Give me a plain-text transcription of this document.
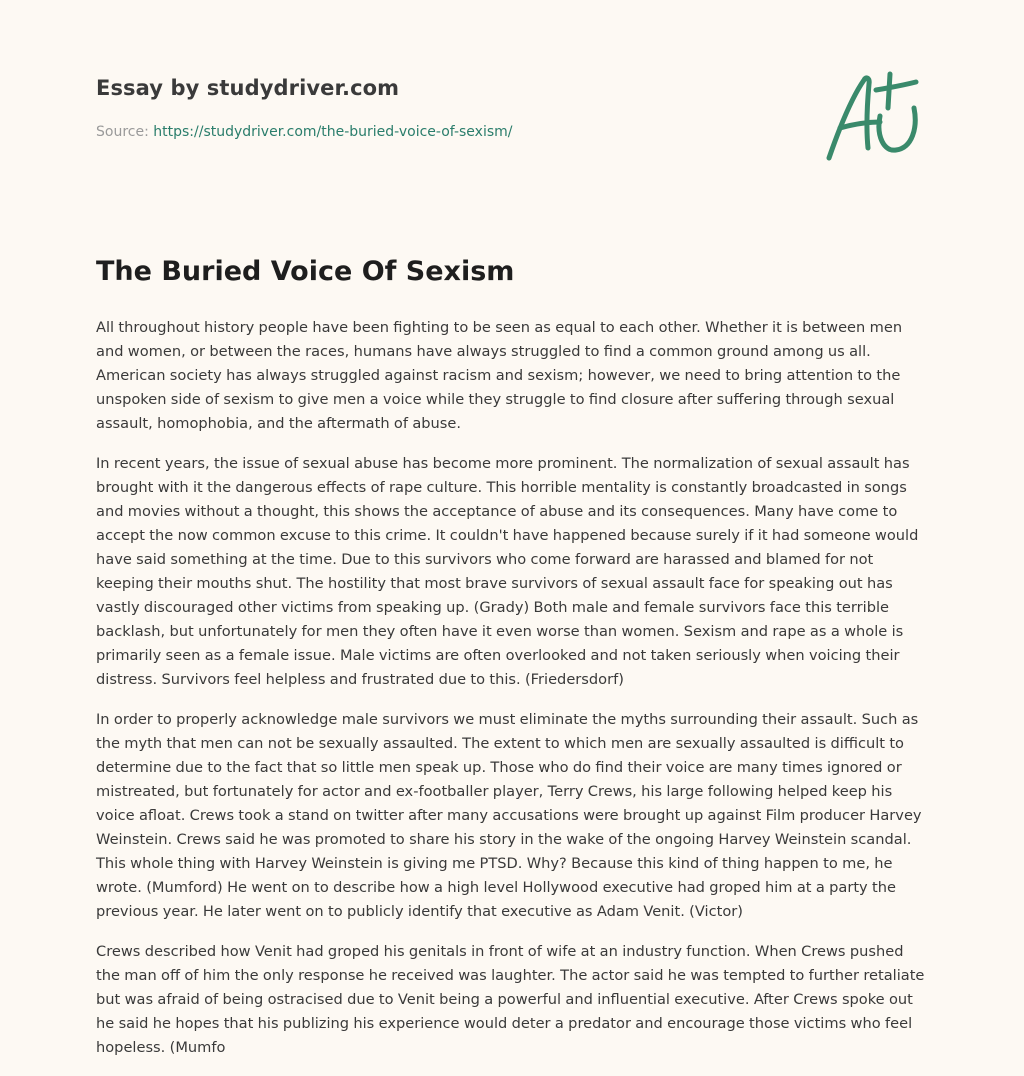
Essay by studydriver.com
Source: https://studydriver.com/the-buried-voice-of-sexism/
The Buried Voice Of Sexism

All throughout history people have been fighting to be seen as equal to each other. Whether it is between men and women, or between the races, humans have always struggled to find a common ground among us all. American society has always struggled against racism and sexism; however, we need to bring attention to the unspoken side of sexism to give men a voice while they struggle to find closure after suffering through sexual assault, homophobia, and the aftermath of abuse.

In recent years, the issue of sexual abuse has become more prominent. The normalization of sexual assault has brought with it the dangerous effects of rape culture. This horrible mentality is constantly broadcasted in songs and movies without a thought, this shows the acceptance of abuse and its consequences. Many have come to accept the now common excuse to this crime. It couldn't have happened because surely if it had someone would have said something at the time. Due to this survivors who come forward are harassed and blamed for not keeping their mouths shut. The hostility that most brave survivors of sexual assault face for speaking out has vastly discouraged other victims from speaking up. (Grady) Both male and female survivors face this terrible backlash, but unfortunately for men they often have it even worse than women. Sexism and rape as a whole is primarily seen as a female issue. Male victims are often overlooked and not taken seriously when voicing their distress. Survivors feel helpless and frustrated due to this. (Friedersdorf)

In order to properly acknowledge male survivors we must eliminate the myths surrounding their assault. Such as the myth that men can not be sexually assaulted. The extent to which men are sexually assaulted is difficult to determine due to the fact that so little men speak up. Those who do find their voice are many times ignored or mistreated, but fortunately for actor and ex-footballer player, Terry Crews, his large following helped keep his voice afloat. Crews took a stand on twitter after many accusations were brought up against Film producer Harvey Weinstein. Crews said he was promoted to share his story in the wake of the ongoing Harvey Weinstein scandal. This whole thing with Harvey Weinstein is giving me PTSD. Why? Because this kind of thing happen to me, he wrote. (Mumford) He went on to describe how a high level Hollywood executive had groped him at a party the previous year. He later went on to publicly identify that executive as Adam Venit. (Victor)

Crews described how Venit had groped his genitals in front of wife at an industry function. When Crews pushed the man off of him the only response he received was laughter. The actor said he was tempted to further retaliate but was afraid of being ostracised due to Venit being a powerful and influential executive. After Crews spoke out he said he hopes that his publizing his experience would deter a predator and encourage those victims who feel hopeless. (Mumfo
